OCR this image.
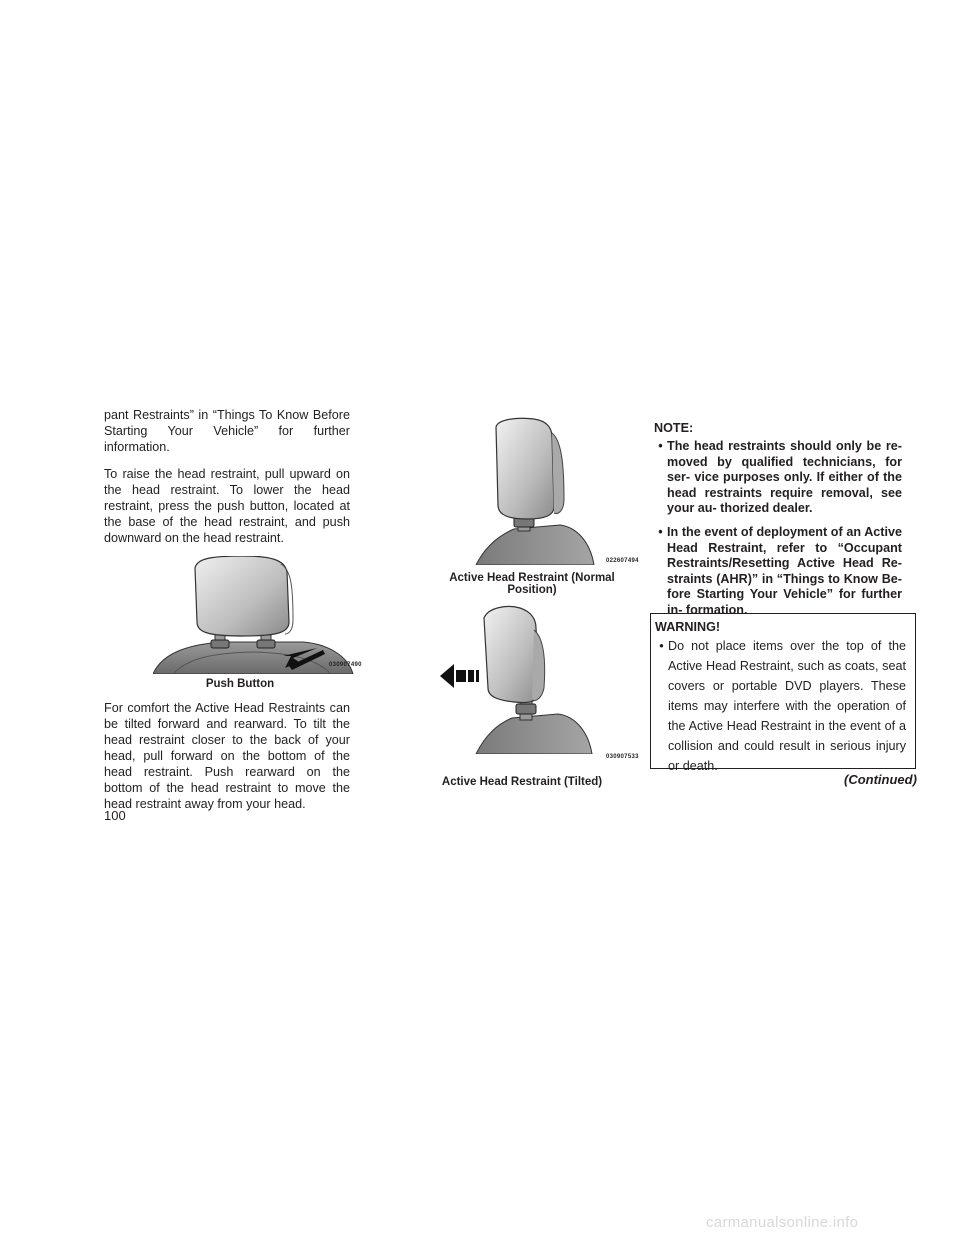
pant Restraints” in “Things To Know Before Starting Your Vehicle” for further information.

To raise the head restraint, pull upward on the head restraint. To lower the head restraint, press the push button, located at the base of the head restraint, and push downward on the head restraint.

030907490
Push Button

For comfort the Active Head Restraints can be tilted forward and rearward. To tilt the head restraint closer to the back of your head, pull forward on the bottom of the head restraint. Push rearward on the bottom of the head restraint to move the head restraint away from your head.

022607494
Active Head Restraint (Normal Position)
030907533
Active Head Restraint (Tilted)
NOTE:
• The head restraints should only be re- moved by qualified technicians, for ser- vice purposes only. If either of the head restraints require removal, see your au- thorized dealer.
• In the event of deployment of an Active Head Restraint, refer to “Occupant Restraints/Resetting Active Head Re- straints (AHR)” in “Things to Know Be- fore Starting Your Vehicle” for further in- formation.
WARNING!
• Do not place items over the top of the Active Head Restraint, such as coats, seat covers or portable DVD players. These items may interfere with the operation of the Active Head Restraint in the event of a collision and could result in serious injury or death.
(Continued)
100
carmanualsonline.info
